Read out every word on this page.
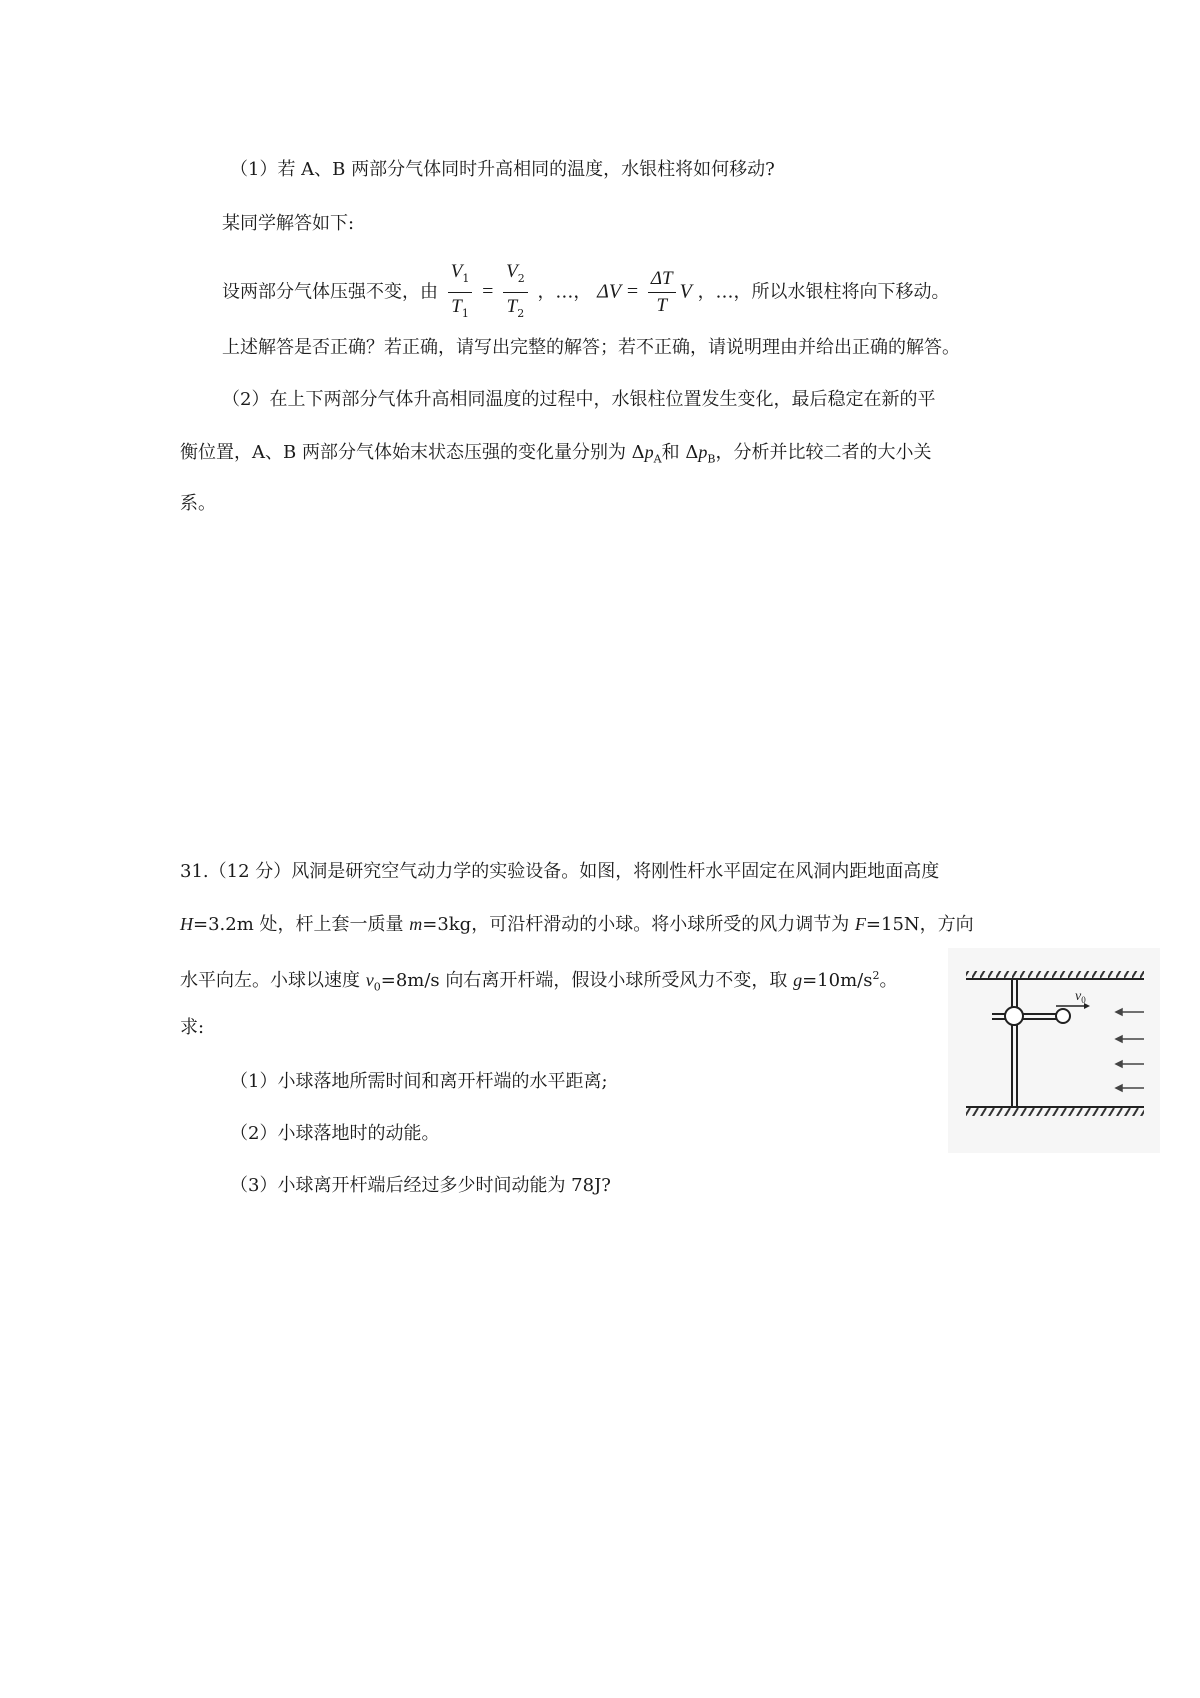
（1）若 A、B 两部分气体同时升高相同的温度，水银柱将如何移动?
某同学解答如下:
设两部分气体压强不变，由 $\frac{V_1}{T_1} = \frac{V_2}{T_2}$ ，…， $\Delta V = \frac{\Delta T}{T}$ V ，…，所以水银柱将向下移动。
上述解答是否正确？若正确，请写出完整的解答；若不正确，请说明理由并给出正确的解答。
（2）在上下两部分气体升高相同温度的过程中，水银柱位置发生变化，最后稳定在新的平
衡位置，A、B 两部分气体始末状态压强的变化量分别为 $\Delta p_A$和 $\Delta p_B$，分析并比较二者的大小关
系。
31.（12 分）风洞是研究空气动力学的实验设备。如图，将刚性杆水平固定在风洞内距地面高度
H=3.2m 处，杆上套一质量 m=3kg，可沿杆滑动的小球。将小球所受的风力调节为 F=15N，方向
水平向左。小球以速度 $v_0=8m/s$ 向右离开杆端，假设小球所受风力不变，取 $g=10m/s^2$。
求:
（1）小球落地所需时间和离开杆端的水平距离;
（2）小球落地时的动能。
（3）小球离开杆端后经过多少时间动能为 78J?
$v_0$
